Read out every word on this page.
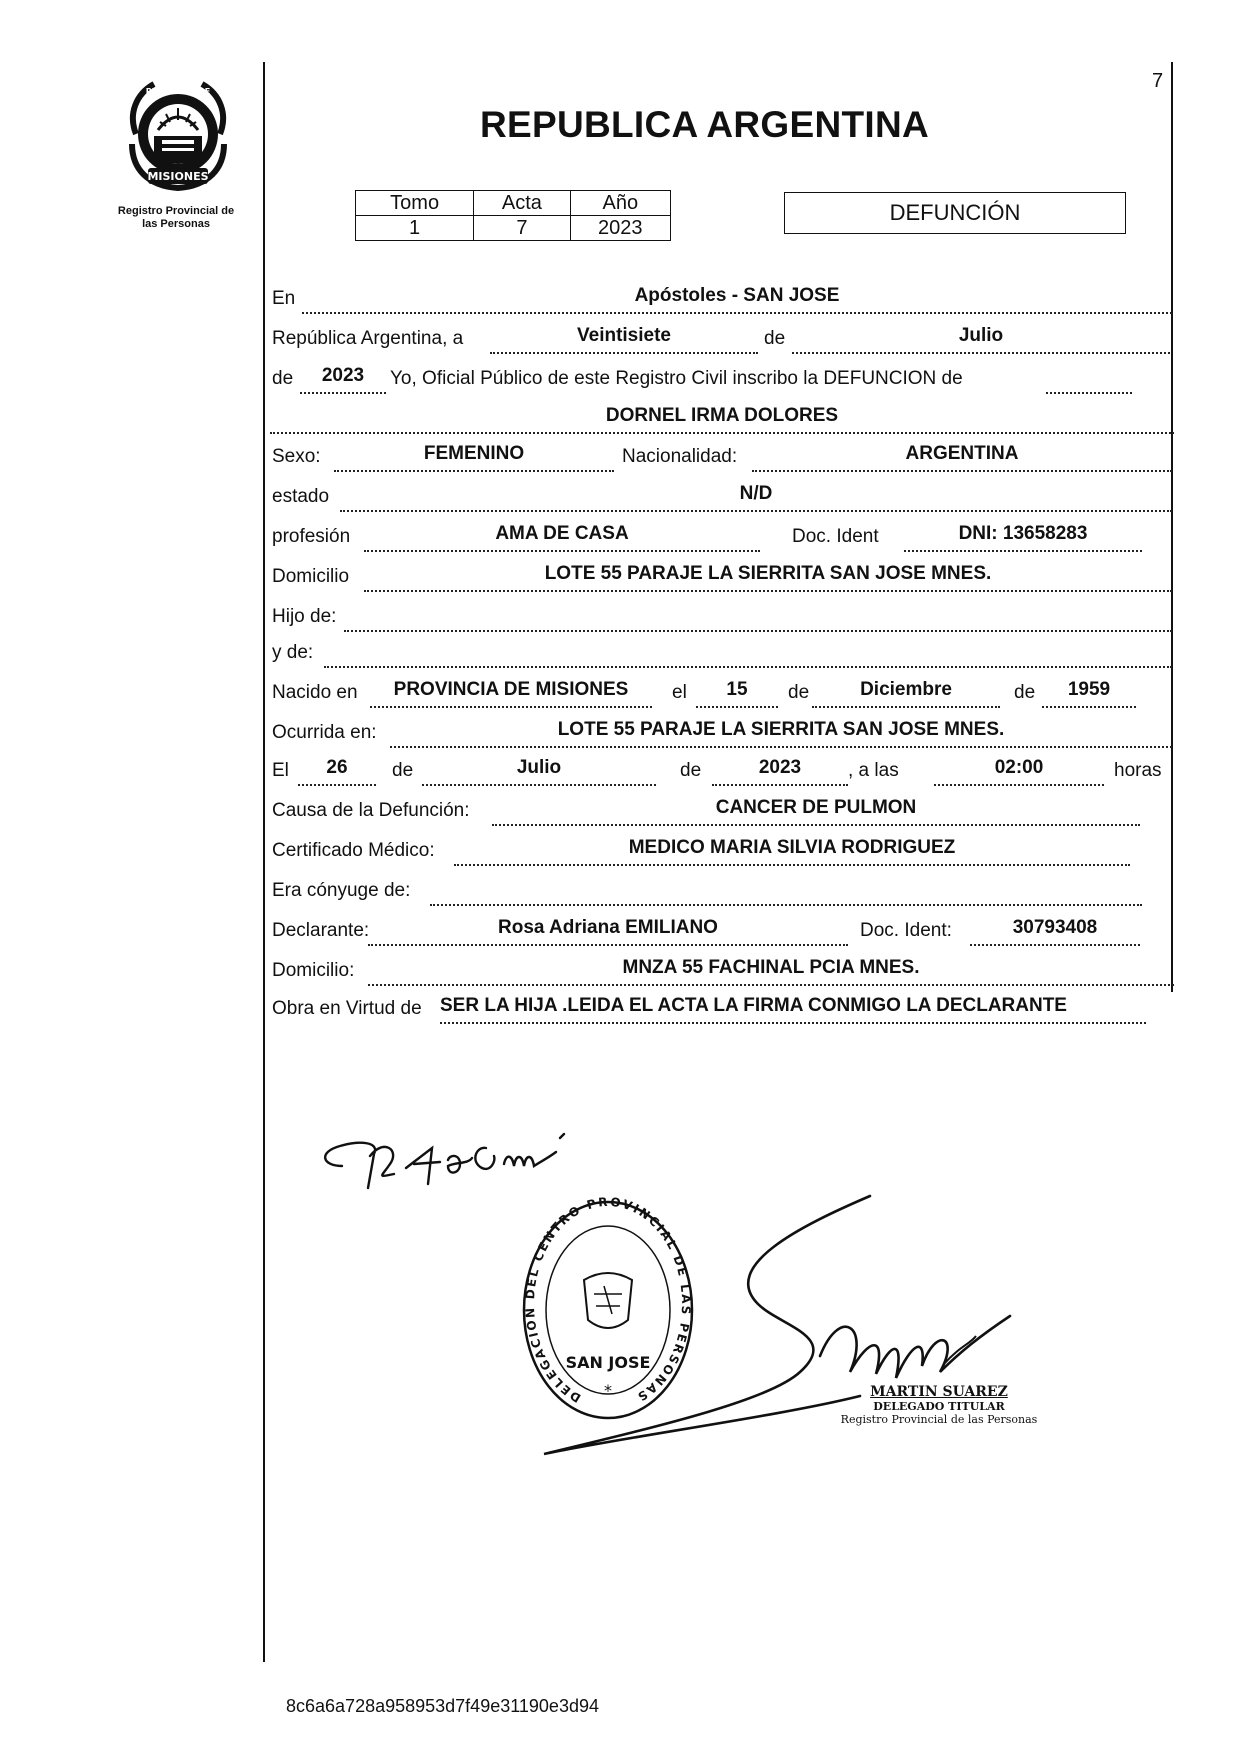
7
MISIONES
PROVINCIA DE
Registro Provincial de
las Personas
REPUBLICA ARGENTINA
Tomo	Acta	Año
1	7	2023
DEFUNCIÓN
En	Apóstoles - SAN JOSE
República Argentina, a	Veintisiete	de	Julio
de	2023	Yo, Oficial Público de este Registro Civil inscribo la DEFUNCION de
DORNEL IRMA DOLORES
Sexo:	FEMENINO	Nacionalidad:	ARGENTINA
estado	N/D
profesión	AMA DE CASA	Doc. Ident	DNI: 13658283
Domicilio	LOTE 55 PARAJE LA SIERRITA SAN JOSE MNES.
Hijo de:
y de:
Nacido en	PROVINCIA DE MISIONES	el	15	de	Diciembre	de	1959
Ocurrida en:	LOTE 55 PARAJE LA SIERRITA SAN JOSE MNES.
El	26	de	Julio	de	2023	, a las	02:00	horas
Causa de la Defunción:	CANCER DE PULMON
Certificado Médico:	MEDICO MARIA SILVIA RODRIGUEZ
Era cónyuge de:
Declarante:	Rosa Adriana EMILIANO	Doc. Ident:	30793408
Domicilio:	MNZA 55 FACHINAL PCIA MNES.
Obra en Virtud de SER LA HIJA .LEIDA EL ACTA LA FIRMA CONMIGO LA DECLARANTE
DELEGACIÓN DEL CENTRO PROVINCIAL DE LAS PERSONAS
SAN JOSE
*	MARTIN SUAREZ
DELEGADO TITULAR
Registro Provincial de las Personas
8c6a6a728a958953d7f49e31190e3d94
